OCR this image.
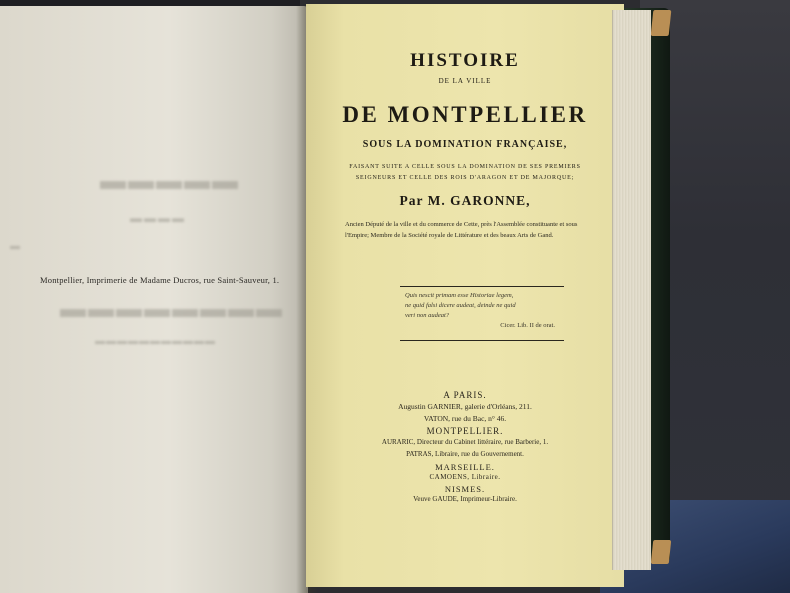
▬▬▬▬▬
▬▬▬▬
▬
▬▬▬▬▬▬▬▬
▬▬▬▬▬▬▬▬▬▬▬
Montpellier, Imprimerie de Madame Ducros, rue Saint-Sauveur, 1.
HISTOIRE
DE LA VILLE
DE MONTPELLIER
SOUS LA DOMINATION FRANÇAISE,
FAISANT SUITE A CELLE SOUS LA DOMINATION DE SES PREMIERS
SEIGNEURS ET CELLE DES ROIS D'ARAGON ET DE MAJORQUE;
Par M. GARONNE,
Ancien Député de la ville et du commerce de Cette, près l'Assemblée constituante et sous l'Empire; Membre de la Société royale de Littérature et des beaux Arts de Gand.
Quis nescit primam esse Historiae legem,
ne quid falsi dicere audeat, deinde ne quid
veri non audeat?
Cicer. Lib. II de orat.
A PARIS.
Augustin GARNIER, galerie d'Orléans, 211.
VATON, rue du Bac, n° 46.
MONTPELLIER.
AURARIC, Directeur du Cabinet littéraire, rue Barberie, 1.
PATRAS, Libraire, rue du Gouvernement.
MARSEILLE.
CAMOENS, Libraire.
NISMES.
Veuve GAUDE, Imprimeur-Libraire.
